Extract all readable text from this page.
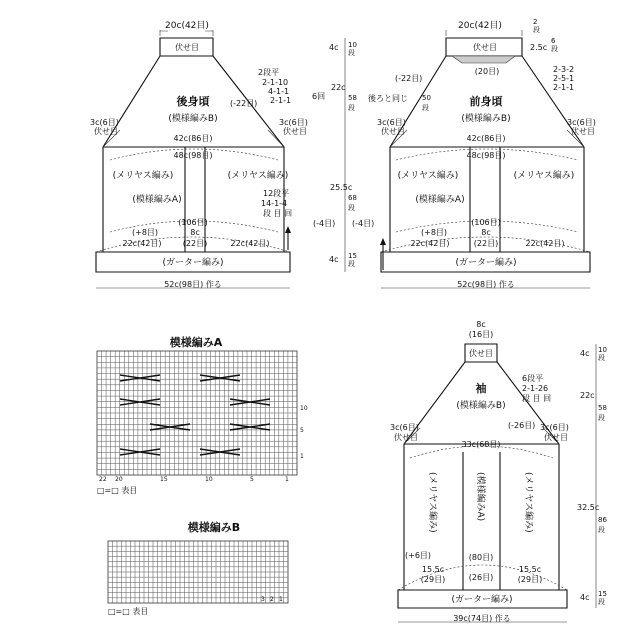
20c(42目)
伏せ目
後身頃
(模様編みB)
2段平
2-1-10
4-1-1
2-1-1	6回
(-22目)
3c(6目)
伏せ目
3c(6目)
伏せ目
42c(86目)
48c(98目)
(メリヤス編み)	(メリヤス編み)
(模様編みA)
12段平
14-1-4
段 目 回
(106目)
(+8目)	8c
(22目)
22c(42目)	22c(42目)
(-4目)
(ガーター編み)
52c(98目) 作る
4c 10
段
22c
58
段
25.5c
68
段
4c 15
段
20c(42目)
伏せ目
(20目)
2.5c
2-3-2
2-5-1
2-1-1
2
段
6
段
(-22目)
後ろと同じ 50
段	前身頃
(模様編みB)
3c(6目)
伏せ目
3c(6目)
伏せ目
42c(86目)
48c(98目)
(メリヤス編み)	(メリヤス編み)
(模様編みA)
(106目)
(-4目)
(+8目)	8c
(22目)
22c(42目)	22c(42目)
(ガーター編み)
52c(98目) 作る
模様編みA
10
5
1
22 20	15	10	5	1
□=□ 表目
模様編みB
3 2 1
□=□ 表目
8c
(16目)
伏せ目
袖
(模様編みB)
6段平
2-1-26
段 目 回
(-26目)
3c(6目)
伏せ目
3c(6目)
伏せ目
33c(68目)
(メリヤス編み)	(模様編みA)	(メリヤス編み)
(+6目)	(80目)
(26目)
15.5c
(29目)
15.5c
(29目)
(ガーター編み)
39c(74目) 作る
4c 10
段
22c
58
段
32.5c
86
段
4c 15
段
